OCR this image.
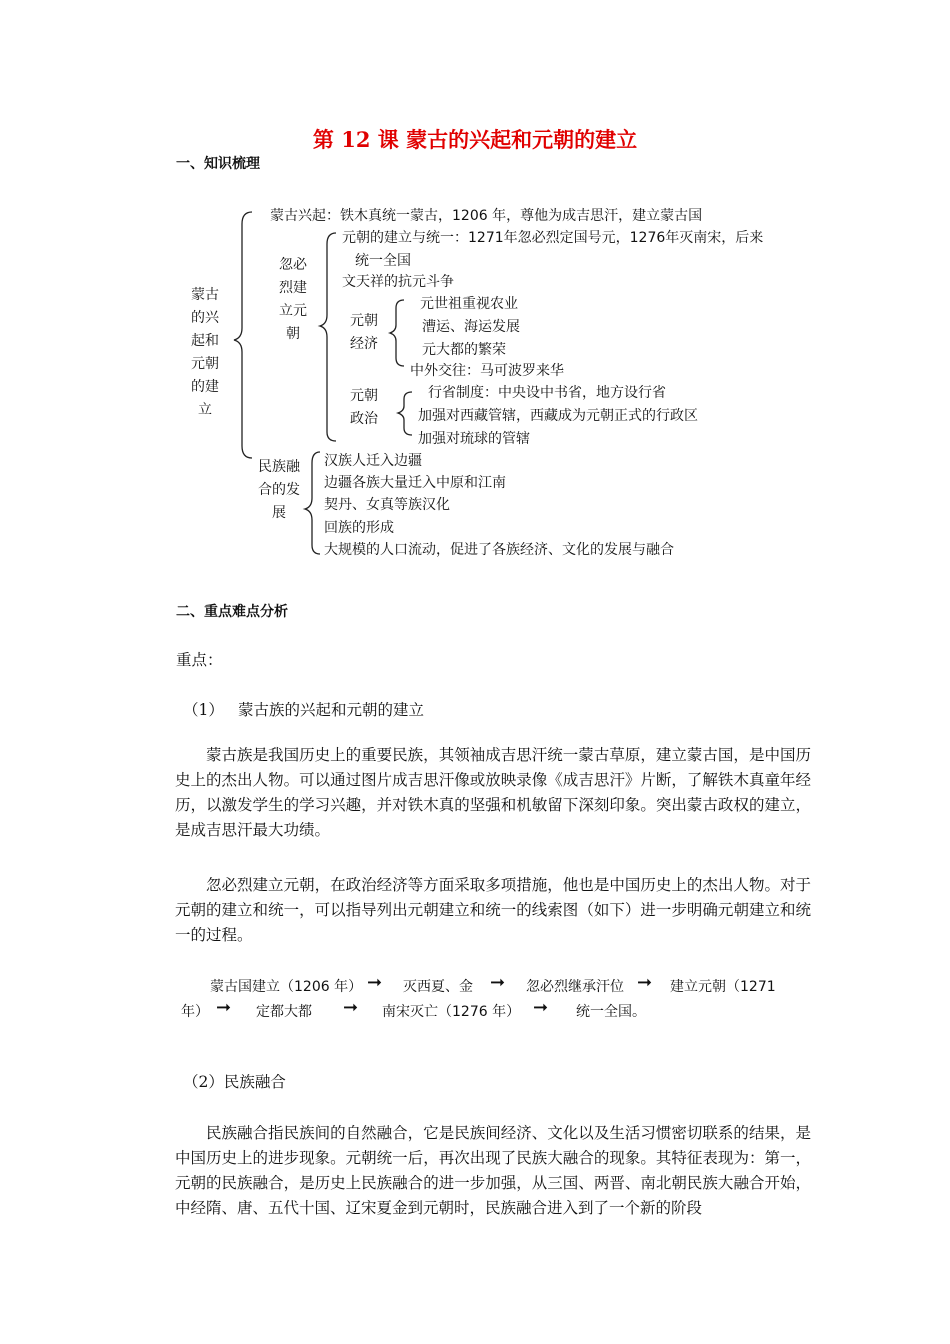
第 12 课 蒙古的兴起和元朝的建立
一、知识梳理
蒙古的兴起和元朝的建立
蒙古兴起：铁木真统一蒙古，1206 年，尊他为成吉思汗，建立蒙古国
忽必烈建立元朝
元朝的建立与统一：1271年忽必烈定国号元，1276年灭南宋，后来
统一全国
文天祥的抗元斗争
元朝经济
元世祖重视农业
漕运、海运发展
元大都的繁荣
中外交往：马可波罗来华
元朝政治
行省制度：中央设中书省，地方设行省
加强对西藏管辖，西藏成为元朝正式的行政区
加强对琉球的管辖
民族融合的发展
汉族人迁入边疆
边疆各族大量迁入中原和江南
契丹、女真等族汉化
回族的形成
大规模的人口流动，促进了各族经济、文化的发展与融合
二、重点难点分析
重点：
（1） 蒙古族的兴起和元朝的建立

蒙古族是我国历史上的重要民族，其领袖成吉思汗统一蒙古草原，建立蒙古国，是中国历史上的杰出人物。可以通过图片成吉思汗像或放映录像《成吉思汗》片断，了解铁木真童年经历，以激发学生的学习兴趣，并对铁木真的坚强和机敏留下深刻印象。突出蒙古政权的建立，是成吉思汗最大功绩。

忽必烈建立元朝，在政治经济等方面采取多项措施，他也是中国历史上的杰出人物。对于元朝的建立和统一，可以指导列出元朝建立和统一的线索图（如下）进一步明确元朝建立和统一的过程。

蒙古国建立（1206 年） ➞ 灭西夏、金 ➞ 忽必烈继承汗位 ➞ 建立元朝（1271
年） ➞ 定都大都 ➞ 南宋灭亡（1276 年） ➞ 统一全国。
（2）民族融合

民族融合指民族间的自然融合，它是民族间经济、文化以及生活习惯密切联系的结果，是中国历史上的进步现象。元朝统一后，再次出现了民族大融合的现象。其特征表现为：第一，元朝的民族融合，是历史上民族融合的进一步加强，从三国、两晋、南北朝民族大融合开始，中经隋、唐、五代十国、辽宋夏金到元朝时，民族融合进入到了一个新的阶段
